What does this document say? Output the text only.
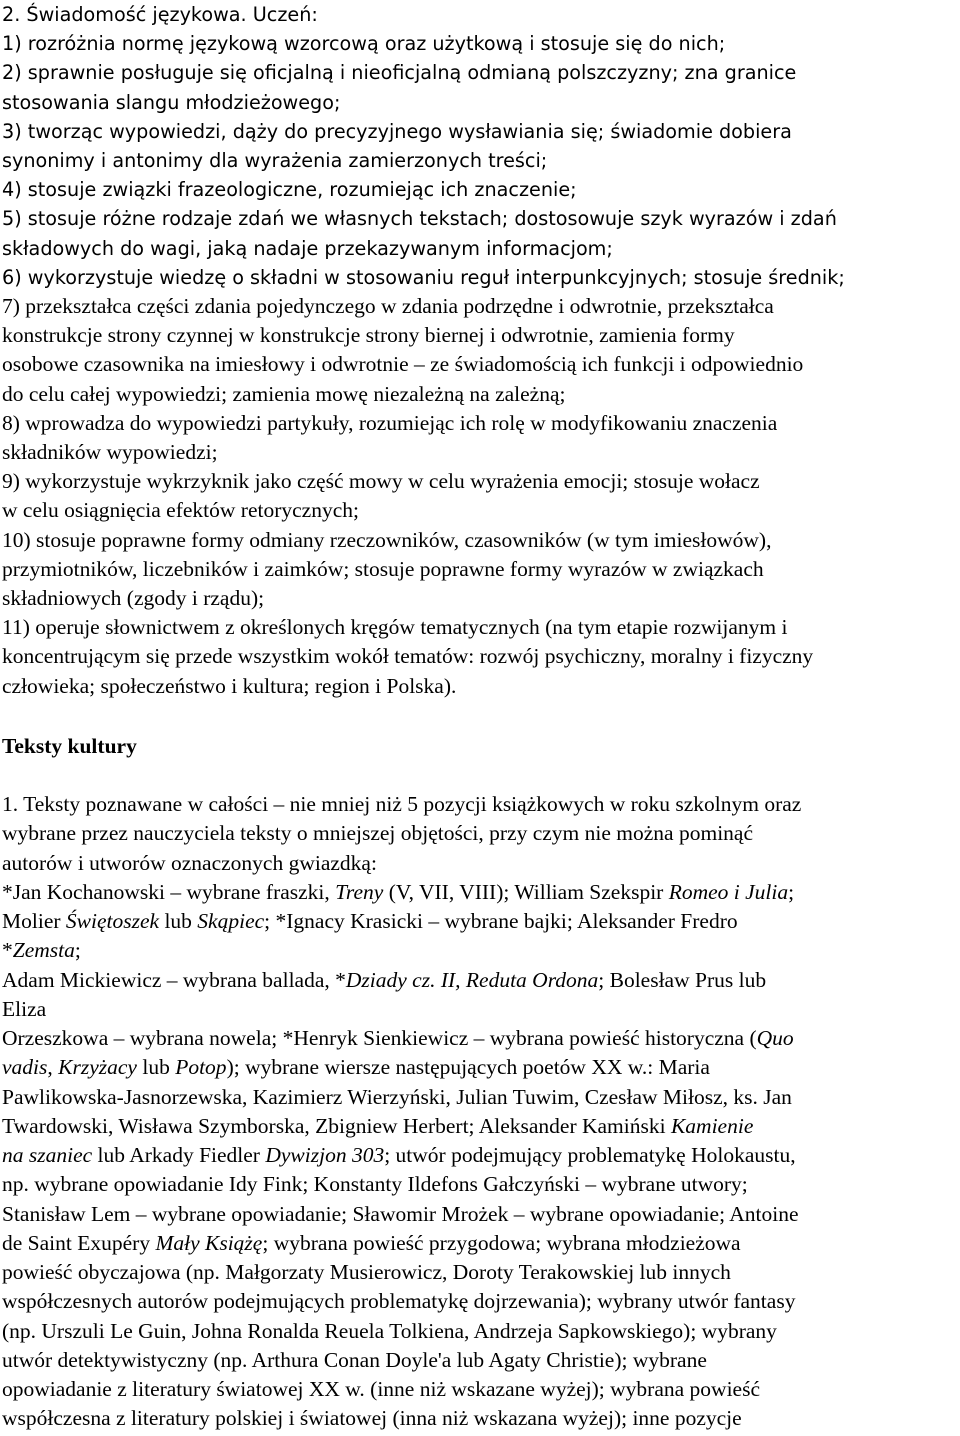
2. Świadomość językowa. Uczeń:
1) rozróżnia normę językową wzorcową oraz użytkową i stosuje się do nich;
2) sprawnie posługuje się oficjalną i nieoficjalną odmianą polszczyzny; zna granice
stosowania slangu młodzieżowego;
3) tworząc wypowiedzi, dąży do precyzyjnego wysławiania się; świadomie dobiera
synonimy i antonimy dla wyrażenia zamierzonych treści;
4) stosuje związki frazeologiczne, rozumiejąc ich znaczenie;
5) stosuje różne rodzaje zdań we własnych tekstach; dostosowuje szyk wyrazów i zdań
składowych do wagi, jaką nadaje przekazywanym informacjom;
6) wykorzystuje wiedzę o składni w stosowaniu reguł interpunkcyjnych; stosuje średnik;
7) przekształca części zdania pojedynczego w zdania podrzędne i odwrotnie, przekształca
konstrukcje strony czynnej w konstrukcje strony biernej i odwrotnie, zamienia formy
osobowe czasownika na imiesłowy i odwrotnie – ze świadomością ich funkcji i odpowiednio
do celu całej wypowiedzi; zamienia mowę niezależną na zależną;
8) wprowadza do wypowiedzi partykuły, rozumiejąc ich rolę w modyfikowaniu znaczenia
składników wypowiedzi;
9) wykorzystuje wykrzyknik jako część mowy w celu wyrażenia emocji; stosuje wołacz
w celu osiągnięcia efektów retorycznych;
10) stosuje poprawne formy odmiany rzeczowników, czasowników (w tym imiesłowów),
przymiotników, liczebników i zaimków; stosuje poprawne formy wyrazów w związkach
składniowych (zgody i rządu);
11) operuje słownictwem z określonych kręgów tematycznych (na tym etapie rozwijanym i
koncentrującym się przede wszystkim wokół tematów: rozwój psychiczny, moralny i fizyczny
człowieka; społeczeństwo i kultura; region i Polska).
Teksty kultury
1. Teksty poznawane w całości – nie mniej niż 5 pozycji książkowych w roku szkolnym oraz
wybrane przez nauczyciela teksty o mniejszej objętości, przy czym nie można pominąć
autorów i utworów oznaczonych gwiazdką:
*Jan Kochanowski – wybrane fraszki, Treny (V, VII, VIII); William Szekspir Romeo i Julia;
Molier Świętoszek lub Skąpiec; *Ignacy Krasicki – wybrane bajki; Aleksander Fredro
*Zemsta;
Adam Mickiewicz – wybrana ballada, *Dziady cz. II, Reduta Ordona; Bolesław Prus lub
Eliza
Orzeszkowa – wybrana nowela; *Henryk Sienkiewicz – wybrana powieść historyczna (Quo
vadis, Krzyżacy lub Potop); wybrane wiersze następujących poetów XX w.: Maria
Pawlikowska-Jasnorzewska, Kazimierz Wierzyński, Julian Tuwim, Czesław Miłosz, ks. Jan
Twardowski, Wisława Szymborska, Zbigniew Herbert; Aleksander Kamiński Kamienie
na szaniec lub Arkady Fiedler Dywizjon 303; utwór podejmujący problematykę Holokaustu,
np. wybrane opowiadanie Idy Fink; Konstanty Ildefons Gałczyński – wybrane utwory;
Stanisław Lem – wybrane opowiadanie; Sławomir Mrożek – wybrane opowiadanie; Antoine
de Saint Exupéry Mały Książę; wybrana powieść przygodowa; wybrana młodzieżowa
powieść obyczajowa (np. Małgorzaty Musierowicz, Doroty Terakowskiej lub innych
współczesnych autorów podejmujących problematykę dojrzewania); wybrany utwór fantasy
(np. Urszuli Le Guin, Johna Ronalda Reuela Tolkiena, Andrzeja Sapkowskiego); wybrany
utwór detektywistyczny (np. Arthura Conan Doyle'a lub Agaty Christie); wybrane
opowiadanie z literatury światowej XX w. (inne niż wskazane wyżej); wybrana powieść
współczesna z literatury polskiej i światowej (inna niż wskazana wyżej); inne pozycje
